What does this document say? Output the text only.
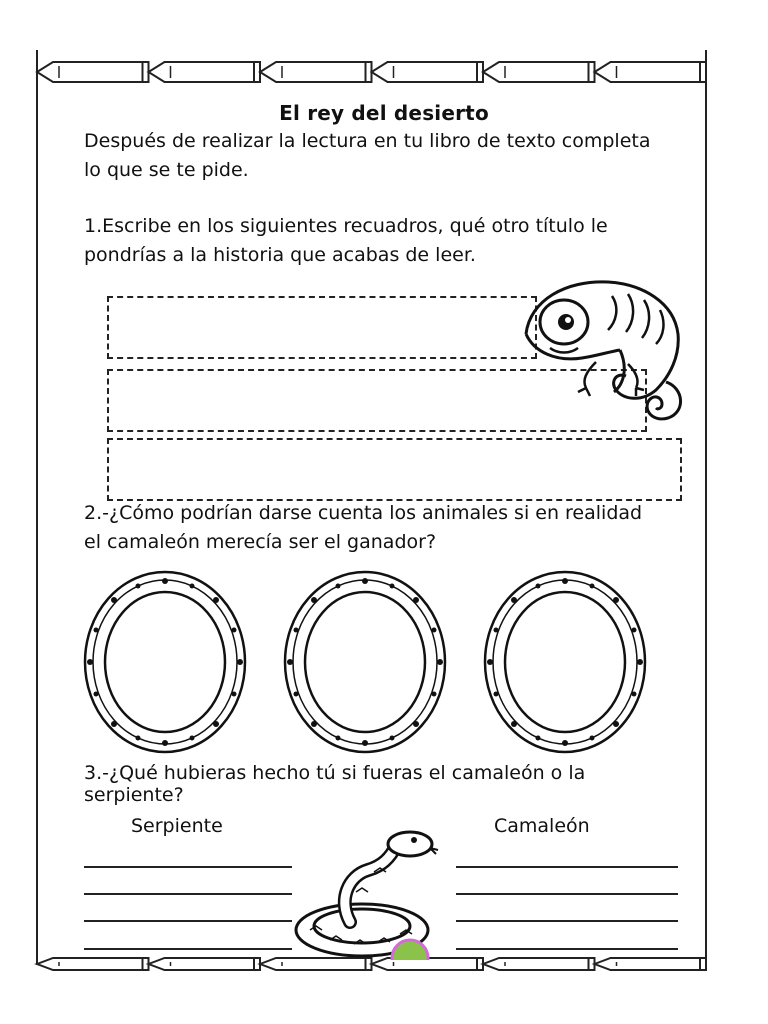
El rey del desierto
Después de realizar la lectura en tu libro de texto completa
lo que se te pide.
1.Escribe en los siguientes recuadros, qué otro título le
pondrías a la historia que acabas de leer.
2.-¿Cómo podrían darse cuenta los animales si en realidad
el camaleón merecía ser el ganador?
3.-¿Qué hubieras hecho tú si fueras el camaleón o la
serpiente?
Serpiente	Camaleón
